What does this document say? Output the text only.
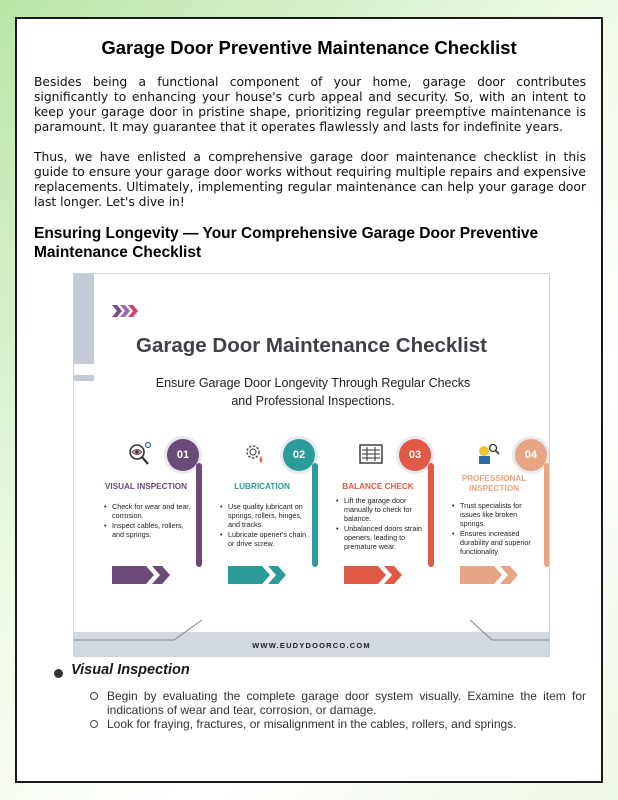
Garage Door Preventive Maintenance Checklist

Besides being a functional component of your home, garage door contributes significantly to enhancing your house's curb appeal and security. So, with an intent to keep your garage door in pristine shape, prioritizing regular preemptive maintenance is paramount. It may guarantee that it operates flawlessly and lasts for indefinite years.

Thus, we have enlisted a comprehensive garage door maintenance checklist in this guide to ensure your garage door works without requiring multiple repairs and expensive replacements. Ultimately, implementing regular maintenance can help your garage door last longer. Let's dive in!

Ensuring Longevity — Your Comprehensive Garage Door Preventive Maintenance Checklist
Garage Door Maintenance Checklist
Ensure Garage Door Longevity Through Regular Checks and Professional Inspections.
01
VISUAL INSPECTION
• Check for wear and tear, corrosion.
• Inspect cables, rollers, and springs.
02
LUBRICATION
• Use quality lubricant on springs, rollers, hinges, and tracks.
• Lubricate opener's chain or drive screw.
03
BALANCE CHECK
• Lift the garage door manually to check for balance.
• Unbalanced doors strain openers, leading to premature wear.
04
PROFESSIONAL INSPECTION
• Trust specialists for issues like broken springs.
• Ensures increased durability and superior functionality.
WWW.EUDYDOORCO.COM
Visual Inspection
Begin by evaluating the complete garage door system visually. Examine the item for indications of wear and tear, corrosion, or damage.
Look for fraying, fractures, or misalignment in the cables, rollers, and springs.
